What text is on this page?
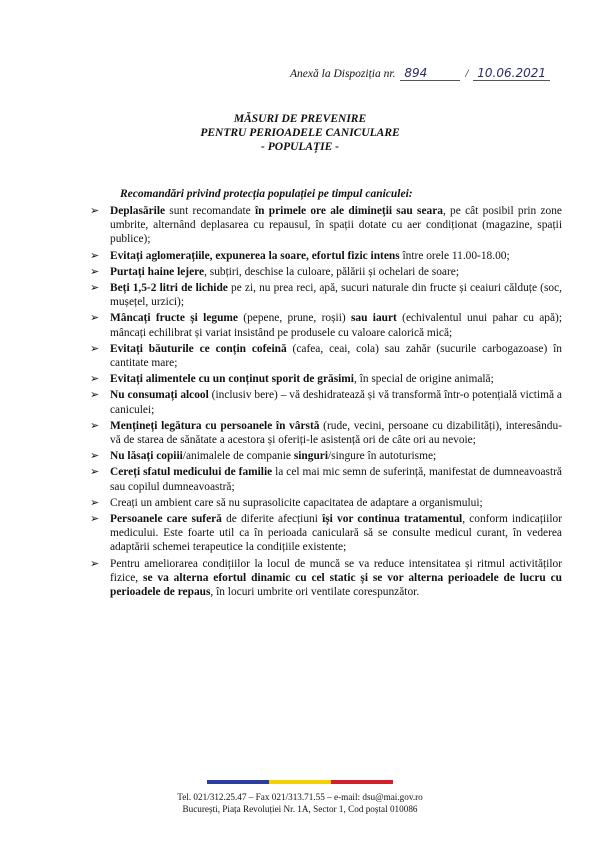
Anexă la Dispoziția nr. 894	/ 10.06.2021
MĂSURI DE PREVENIRE
PENTRU PERIOADELE CANICULARE
- POPULAȚIE -
Recomandări privind protecția populației pe timpul caniculei:
➢ Deplasările sunt recomandate în primele ore ale dimineții sau seara, pe cât posibil prin zone umbrite, alternând deplasarea cu repausul, în spații dotate cu aer condiționat (magazine, spații publice);
➢ Evitați aglomerațiile, expunerea la soare, efortul fizic intens între orele 11.00-18.00;
➢ Purtați haine lejere, subțiri, deschise la culoare, pălării și ochelari de soare;
➢ Beți 1,5-2 litri de lichide pe zi, nu prea reci, apă, sucuri naturale din fructe și ceaiuri călduțe (soc, mușețel, urzici);
➢ Mâncați fructe și legume (pepene, prune, roșii) sau iaurt (echivalentul unui pahar cu apă); mâncați echilibrat și variat insistând pe produsele cu valoare calorică mică;
➢ Evitați băuturile ce conțin cofeină (cafea, ceai, cola) sau zahăr (sucurile carbogazoase) în cantitate mare;
➢ Evitați alimentele cu un conținut sporit de grăsimi, în special de origine animală;
➢ Nu consumați alcool (inclusiv bere) – vă deshidratează și vă transformă într-o potențială victimă a caniculei;
➢ Mențineți legătura cu persoanele în vârstă (rude, vecini, persoane cu dizabilități), interesându-vă de starea de sănătate a acestora și oferiți-le asistență ori de câte ori au nevoie;
➢ Nu lăsați copiii/animalele de companie singuri/singure în autoturisme;
➢ Cereți sfatul medicului de familie la cel mai mic semn de suferință, manifestat de dumneavoastră sau copilul dumneavoastră;
➢ Creați un ambient care să nu suprasolicite capacitatea de adaptare a organismului;
➢ Persoanele care suferă de diferite afecțiuni își vor continua tratamentul, conform indicațiilor medicului. Este foarte util ca în perioada caniculară să se consulte medicul curant, în vederea adaptării schemei terapeutice la condițiile existente;
➢ Pentru ameliorarea condițiilor la locul de muncă se va reduce intensitatea și ritmul activităților fizice, se va alterna efortul dinamic cu cel static și se vor alterna perioadele de lucru cu perioadele de repaus, în locuri umbrite ori ventilate corespunzător.
Tel. 021/312.25.47 – Fax 021/313.71.55 – e-mail: dsu@mai.gov.ro
București, Piața Revoluției Nr. 1A, Sector 1, Cod poștal 010086
